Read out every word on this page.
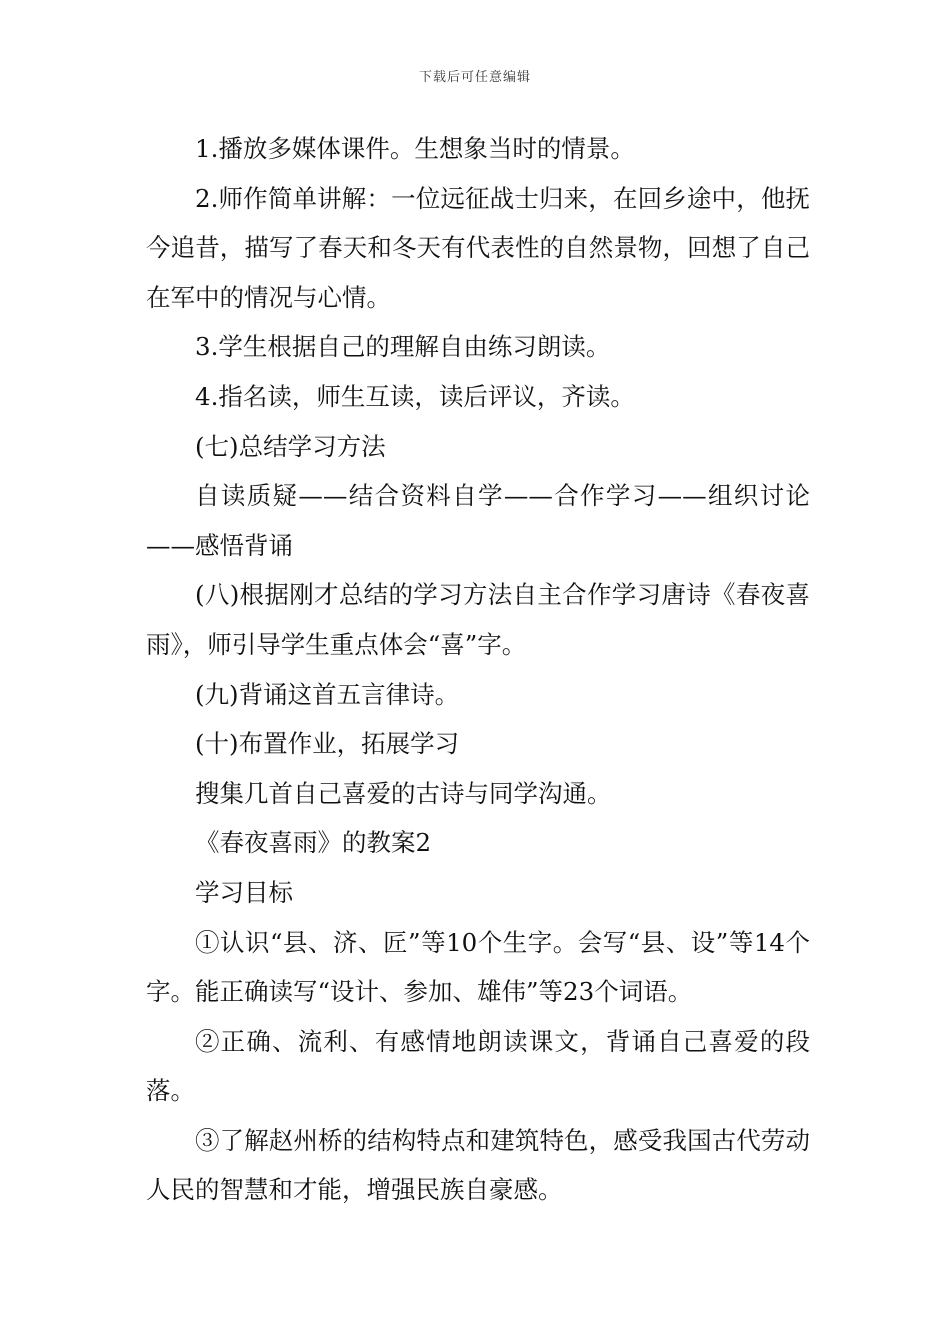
下载后可任意编辑

1.播放多媒体课件。生想象当时的情景。

2.师作简单讲解：一位远征战士归来，在回乡途中，他抚今追昔，描写了春天和冬天有代表性的自然景物，回想了自己在军中的情况与心情。

3.学生根据自己的理解自由练习朗读。

4.指名读，师生互读，读后评议，齐读。

(七)总结学习方法

自读质疑——结合资料自学——合作学习——组织讨论——感悟背诵

(八)根据刚才总结的学习方法自主合作学习唐诗《春夜喜雨》，师引导学生重点体会“喜”字。

(九)背诵这首五言律诗。

(十)布置作业，拓展学习

搜集几首自己喜爱的古诗与同学沟通。

《春夜喜雨》的教案2

学习目标

①认识“县、济、匠”等10个生字。会写“县、设”等14个字。能正确读写“设计、参加、雄伟”等23个词语。

②正确、流利、有感情地朗读课文，背诵自己喜爱的段落。

③了解赵州桥的结构特点和建筑特色，感受我国古代劳动人民的智慧和才能，增强民族自豪感。
